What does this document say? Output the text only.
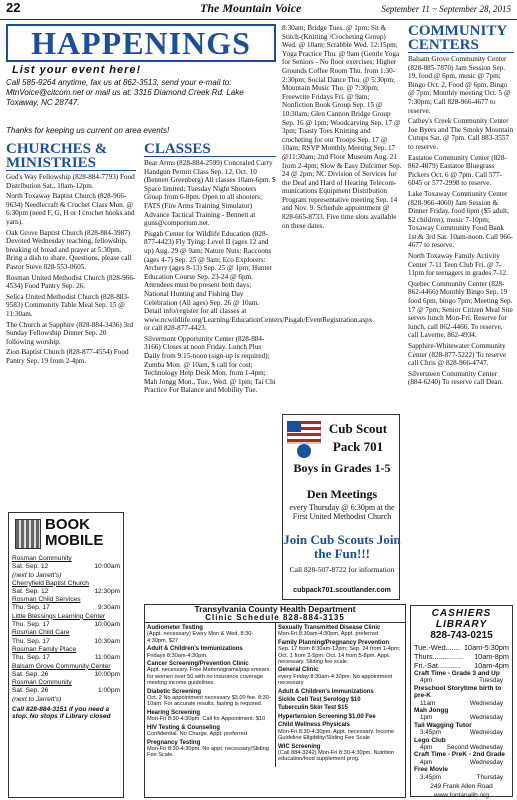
22	The Mountain Voice	September 11 ~ September 28, 2015
HAPPENINGS
List your event here!
Call 585-9264 anytime, fax us at 862-3513, send your e-mail to: MtnVoice@citcom.net or mail us at: 3316 Diamond Creek Rd. Lake Toxaway, NC 28747.
Thanks for keeping us current on area events!
CHURCHES & MINISTRIES

God's Way Fellowship (828-884-7793) Food Distribution Sat., 10am-12pm.

North Toxaway Baptist Church (828-966-9634) Needlecraft & Crochet Class Mon. @ 6:30pm (need F, G, H or I crochet hooks and yarn).

Oak Grove Baptist Church (828-884-3987) Devoted Wednesday teaching, fellowship, breaking of bread and prayer at 5:30pm. Bring a dish to share. Questions, please call Pastor Steve 828-553-0605.

Rosman United Methodist Church (828-966-4534) Food Pantry Sep. 26.

Selica United Methodist Church (828-883-9583) Community Table Meal Sep. 15 @ 11:30am.

The Church at Sapphire (828-884-3436) 3rd Sunday Fellowship Dinner Sep. 20 following worship.

Zion Baptist Church (828-877-4554) Food Pantry Sep. 19 from 2-4pm.

BOOK MOBILE
Rosman Community
Sat. Sep. 12	10:00am
(next to Jarrett's)
Cherryfield Baptist Church
Sat. Sep. 12	12:30pm
Rosman Child Services
Thu. Sep. 17	9:30am
Little Blessings Learning Center
Thu. Sep. 17	10:00am
Rosman Child Care
Thu. Sep. 17	10:30am
Rosman Family Place
Thu. Sep. 17	11:00am
Balsam Grove Community Center
Sat. Sep. 26	10:00pm
Rosman Community
Sat. Sep. 26	1:00pm
(next to Jarrett's)
Call 828-884-3151 if you need a stop. No stops if Library closed
CLASSES

Bear Arms (828-884-2599) Concealed Carry Handgun Permit Class Sep. 12, Oct. 10 (Bennett Greenberg) All classes 10am-6pm. $ Space limited; Tuesday Night Shooters Group from 6-8pm. Open to all shooters; FATS (Fire Arms Training Simulator) Advance Tactical Training - Bennett at guns@comporium.net.

Pisgah Center for Wildlife Education (828-877-4423) Fly Tying: Level II (ages 12 and up) Aug. 29 @ 9am; Nature Nuts: Raccoons (ages 4-7) Sep. 25 @ 9am; Eco Explorers: Archery (ages 8-13) Sep. 25 @ 1pm; Hunter Education Course Sep. 23-24 @ 6pm. Attendees must be present both days; National Hunting and Fishing Day Celebration (All ages) Sep. 26 @ 10am. Detail info/register for all classes at www.ncwildlife.org/Learning/EducationCenters/Pisgah/EventRegistration.aspx or call 828-877-4423.

Silvermont Opportunity Center (828-884-3166) Closes at noon Friday. Lunch Plus Daily from 9:15-noon (sign-up is required); Zumba Mon. @ 10am, $ call for cost; Technology Help Desk Mon. from 1-4pm; Mah Jongg Mon., Tue., Wed. @ 1pm; Tai Chi Practice For Balance and Mobility Tue.

8:30am; Bridge Tues. @ 1pm; Sit & Stitch-(Knitting /Crocheting Group) Wed. @ 10am; Scrabble Wed. 12:15pm; Yoga Practice Thu. @ 9am (Gentle Yoga for Seniors - No floor exercises; Higher Grounds Coffee Room Thu. from 1:30-2:30pm; Social Dance Thu. @ 5:30pm; Mountain Music Thu. @ 7:30pm; Freewrite Fridays Fri. @ 9am; Nonfiction Book Group Sep. 15 @ 10:30am; Glen Cannon Bridge Group Sep. 16 @ 1pm; Woodcarving Sep. 17 @ 3pm; Toasty Toes Knitting and crocheting for our Troops Sep. 17 @ 10am; RSVP Monthly Meeting Sep. 17 @11:30am; 2nd Floor Museum Aug. 21 from 2-4pm; Slow & Easy Dulcimer Sep. 24 @ 2pm; NC Division of Services for the Deaf and Hard of Hearing Telecom-munications Equipment Distribution Program representative meeting Sep. 14 and Nov. 9. Schedule appointment @ 828-665-8733. Five time slots available on these dates.

Cub Scout
Pack 701
Boys in Grades 1-5
Den Meetings
every Thursday @ 6:30pm at the First United Methodist Church
Join Cub Scouts Join the Fun!!!
Call 828-507-8722 for information
cubpack701.scoutlander.com
COMMUNITY CENTERS

Balsam Grove Community Center (828-885-7870) Jam Session Sep. 19, food @ 6pm, music @ 7pm; Bingo Oct. 2, Food @ 6pm, Bingo @ 7pm; Monthly meeting Oct. 5 @ 7:30pm; Call 828-966-4677 to reserve.

Cathey's Creek Community Center Joe Byers and The Smoky Mountain Cutups Sat. @ 7pm. Call 883-3557 to reserve.

Eastatoe Community Center (828-862-4879) Eastatoe Bluegrass Pickers Oct. 6 @ 7pm. Call 577-6045 or 577-2998 to reserve.

Lake Toxaway Community Center (828-966-4060) Jam Session & Dinner Friday, food 6pm ($5 adult, $2 children), music 7-10pm; Toxaway Community Food Bank 1st & 3rd Sat. 10am-noon. Call 966-4677 to reserve.

North Toxaway Family Activity Center 7-11 Teen Club Fri. @ 7-11pm for teenagers in grades 7-12.

Quebec Community Center (828-862-4466) Monthly Bingo Sep. 19 food 6pm, bingo 7pm; Meeting Sep. 17 @ 7pm; Senior Citizen Meal Site serves lunch Mon-Fri. Reserve for lunch, call 862-4466. To reserve, call Laverne, 862-4934.

Sapphire-Whitewater Community Center (828-877-5222) To reserve call Chris @ 828-966-4747.

Silversteen Community Center (884-6240) To reserve call Dean.

Transylvania County Health Department
Clinic Schedule 828-884-3135
Audiometer Testing
(Appt. necessary) Every Mon & Wed. 8:30-4:30pm. $27
Adult & Children's Immunizations
Fridays 8:30am-4:30pm.
Cancer Screening/Prevention Clinic
Appt. necessary. Free Mammograms/pap smears for women over 50 with no insurance coverage meeting income guidelines.
Diabetic Screening
Oct. 2 No appointment necessary $3.00 fee. 8:30-10am. For accurate results, fasting is required.
Hearing Screening
Mon-Fri 8:30-4:30pm. Call for Appointment. $10
HIV Testing & Counseling
Confidential. No Charge. Appt. preferred
Pregnancy Testing
Mon-Fri 8:30-4:30pm. No appt. necessary/Sliding Fee Scale.
Sexually Transmitted Disease Clinic
Mon-Fri 8:30am-4:30pm. Appt. preferred
Family Planning/Pregnancy Prevention
Sep. 17 from 8:30am-12pm; Sep. 24 from 1-4pm; Oct. 1 from 2-5pm; Oct. 14 from 5-8pm. Appt. necessary. Sliding fee scale.
General Clinic
every Friday 8:30am-4:30pm. No appointment necessary
Adult & Children's Immunizations
Sickle Cell Test Serology $10
Tuberculin Skin Test $15
Hypertension Screening $1.00 Fee
Child Wellness Physicals
Mon-Fri 8:30-4:30pm. Appt. necessary. Income Guideline Eligibility/Sliding Fee Scale
WIC Screening
(Call 884-3242) Mon-Fri 8:30-4:30pm. Nutrition education/food supplement prog.
CASHIERS LIBRARY
828-743-0215
Tue.-Wed....... 10am-5:30pm
Thurs............... 10am-8pm
Fri.-Sat........... 10am-4pm
Craft Time - Grade 3 and Up
4pm	Tuesday
Preschool Storytime birth to pre-K
11am	Wednesday
Mah Jongg
1pm	Wednesday
Tail Wagging Tutor
3:45pm	Wednesday
Lego Club
4pm Second Wednesday
Craft Time - PreK - 2nd Grade
4pm	Wednesday
Free Movie
3:45pm	Thursday
249 Frank Allen Road
www.fontanalib.org
